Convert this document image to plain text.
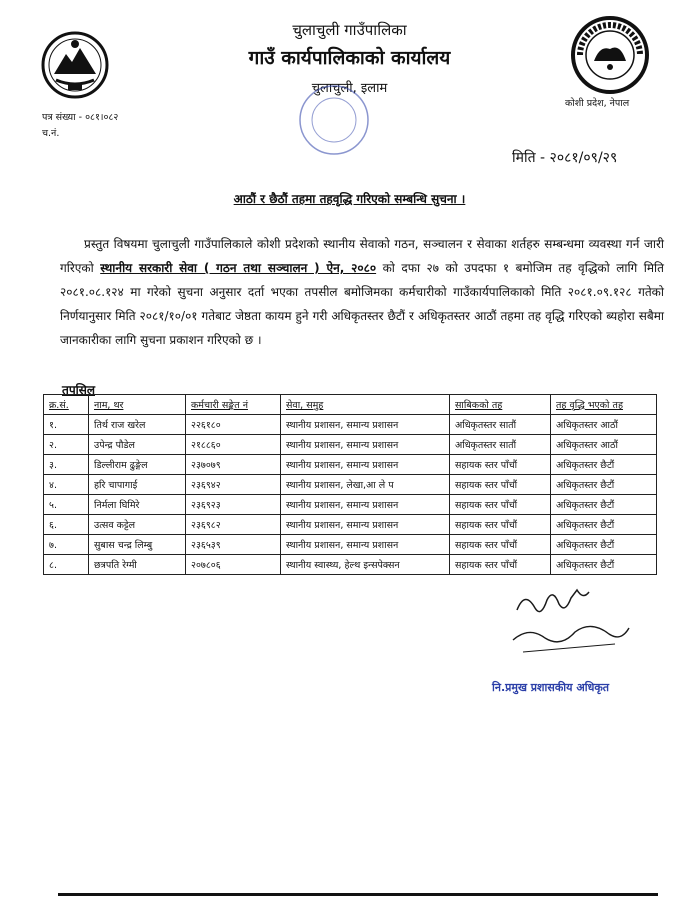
चुलाचुली गाउँपालिका
गाउँ कार्यपालिकाको कार्यालय
चुलाचुली, इलाम
कोशी प्रदेश, नेपाल
पत्र संख्या - ०८१।०८२
च.नं.
मिति - २०८१/०९/२९
आठौं र छैठौं तहमा तहवृद्धि गरिएको सम्बन्धि सुचना ।
प्रस्तुत विषयमा चुलाचुली गाउँपालिकाले कोशी प्रदेशको स्थानीय सेवाको गठन, सञ्चालन र सेवाका शर्तहरु सम्बन्धमा व्यवस्था गर्न जारी गरिएको स्थानीय सरकारी सेवा ( गठन तथा सञ्चालन ) ऐन, २०८० को दफा २७ को उपदफा १ बमोजिम तह वृद्धिको लागि मिति २०८१.०८.१२४ मा गरेको सुचना अनुसार दर्ता भएका तपसील बमोजिमका कर्मचारीको गाउँकार्यपालिकाको मिति २०८१.०९.१२८ गतेको निर्णयानुसार मिति २०८१/१०/०१ गतेबाट जेष्ठता कायम हुने गरी अधिकृतस्तर छैटौं र अधिकृतस्तर आठौं तहमा तह वृद्धि गरिएको ब्यहोरा सबैमा जानकारीका लागि सुचना प्रकाशन गरिएको छ ।
तपसिल
क्र.सं.	नाम, थर	कर्मचारी सङ्केत नं	सेवा, समुह	साबिकको तह	तह वृद्धि भएको तह
१.	तिर्थ राज खरेल	२२६१८०	स्थानीय प्रशासन, समान्य प्रशासन	अधिकृतस्तर सातौं	अधिकृतस्तर आठौं
२.	उपेन्द्र पौडेल	२१८८६०	स्थानीय प्रशासन, समान्य प्रशासन	अधिकृतस्तर सातौं	अधिकृतस्तर आठौं
३.	डिल्लीराम ढुङ्गेल	२३७०७९	स्थानीय प्रशासन, समान्य प्रशासन	सहायक स्तर पाँचौं	अधिकृतस्तर छैटौं
४.	हरि चापागाई	२३६९४२	स्थानीय प्रशासन, लेखा,आ ले प	सहायक स्तर पाँचौं	अधिकृतस्तर छैटौं
५.	निर्मला घिमिरे	२३६९२३	स्थानीय प्रशासन, समान्य प्रशासन	सहायक स्तर पाँचौं	अधिकृतस्तर छैटौं
६.	उत्सव कट्टेल	२३६९८२	स्थानीय प्रशासन, समान्य प्रशासन	सहायक स्तर पाँचौं	अधिकृतस्तर छैटौं
७.	सुबास चन्द्र लिम्बु	२३६५३९	स्थानीय प्रशासन, समान्य प्रशासन	सहायक स्तर पाँचौं	अधिकृतस्तर छैटौं
८.	छत्रपति रेग्मी	२०७८०६	स्थानीय स्वास्थ्य, हेल्थ इन्सपेक्सन	सहायक स्तर पाँचौं	अधिकृतस्तर छैटौं
नि.प्रमुख प्रशासकीय अधिकृत
